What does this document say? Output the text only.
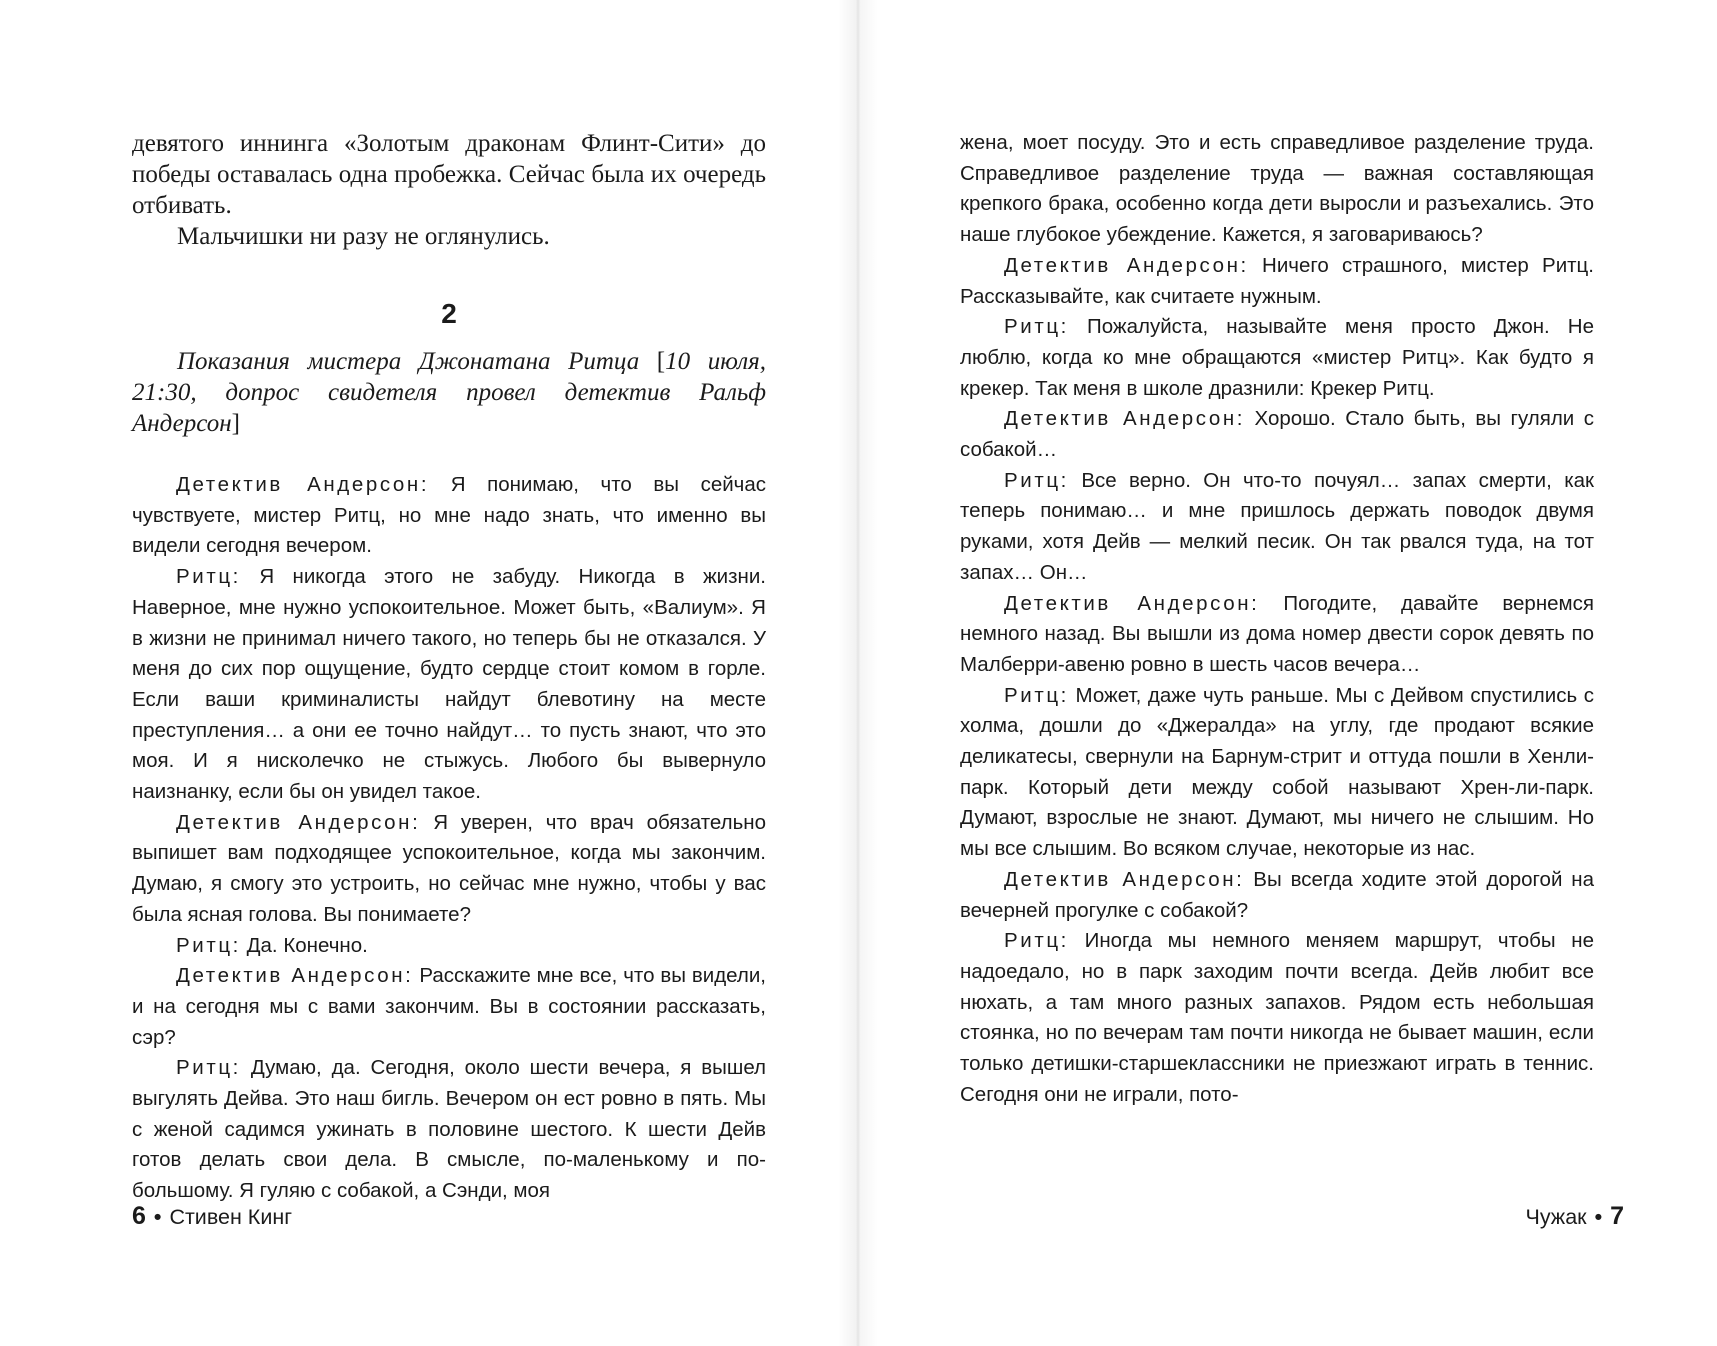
девятого иннинга «Золотым драконам Флинт-Сити» до победы оставалась одна пробежка. Сейчас была их очередь отбивать.

Мальчишки ни разу не оглянулись.

2

Показания мистера Джонатана Ритца [10 июля, 21:30, допрос свидетеля провел детектив Ральф Андерсон]

Детектив Андерсон: Я понимаю, что вы сейчас чувствуете, мистер Ритц, но мне надо знать, что именно вы видели сегодня вечером.

Ритц: Я никогда этого не забуду. Никогда в жизни. Наверное, мне нужно успокоительное. Может быть, «Валиум». Я в жизни не принимал ничего такого, но теперь бы не отказался. У меня до сих пор ощущение, будто сердце стоит комом в горле. Если ваши криминалисты найдут блевотину на месте преступления… а они ее точно найдут… то пусть знают, что это моя. И я нисколечко не стыжусь. Любого бы вывернуло наизнанку, если бы он увидел такое.

Детектив Андерсон: Я уверен, что врач обязательно выпишет вам подходящее успокоительное, когда мы закончим. Думаю, я смогу это устроить, но сейчас мне нужно, чтобы у вас была ясная голова. Вы понимаете?

Ритц: Да. Конечно.

Детектив Андерсон: Расскажите мне все, что вы видели, и на сегодня мы с вами закончим. Вы в состоянии рассказать, сэр?

Ритц: Думаю, да. Сегодня, около шести вечера, я вышел выгулять Дейва. Это наш бигль. Вечером он ест ровно в пять. Мы с женой садимся ужинать в половине шестого. К шести Дейв готов делать свои дела. В смысле, по-маленькому и по-большому. Я гуляю с собакой, а Сэнди, моя

6 • Стивен Кинг

жена, моет посуду. Это и есть справедливое разделение труда. Справедливое разделение труда — важная составляющая крепкого брака, особенно когда дети выросли и разъехались. Это наше глубокое убеждение. Кажется, я заговариваюсь?

Детектив Андерсон: Ничего страшного, мистер Ритц. Рассказывайте, как считаете нужным.

Ритц: Пожалуйста, называйте меня просто Джон. Не люблю, когда ко мне обращаются «мистер Ритц». Как будто я крекер. Так меня в школе дразнили: Крекер Ритц.

Детектив Андерсон: Хорошо. Стало быть, вы гуляли с собакой…

Ритц: Все верно. Он что-то почуял… запах смерти, как теперь понимаю… и мне пришлось держать поводок двумя руками, хотя Дейв — мелкий песик. Он так рвался туда, на тот запах… Он…

Детектив Андерсон: Погодите, давайте вернемся немного назад. Вы вышли из дома номер двести сорок девять по Малберри-авеню ровно в шесть часов вечера…

Ритц: Может, даже чуть раньше. Мы с Дейвом спустились с холма, дошли до «Джералда» на углу, где продают всякие деликатесы, свернули на Барнум-стрит и оттуда пошли в Хенли-парк. Который дети между собой называют Хрен-ли-парк. Думают, взрослые не знают. Думают, мы ничего не слышим. Но мы все слышим. Во всяком случае, некоторые из нас.

Детектив Андерсон: Вы всегда ходите этой дорогой на вечерней прогулке с собакой?

Ритц: Иногда мы немного меняем маршрут, чтобы не надоедало, но в парк заходим почти всегда. Дейв любит все нюхать, а там много разных запахов. Рядом есть небольшая стоянка, но по вечерам там почти никогда не бывает машин, если только детишки-старшеклассники не приезжают играть в теннис. Сегодня они не играли, пото-

Чужак • 7
